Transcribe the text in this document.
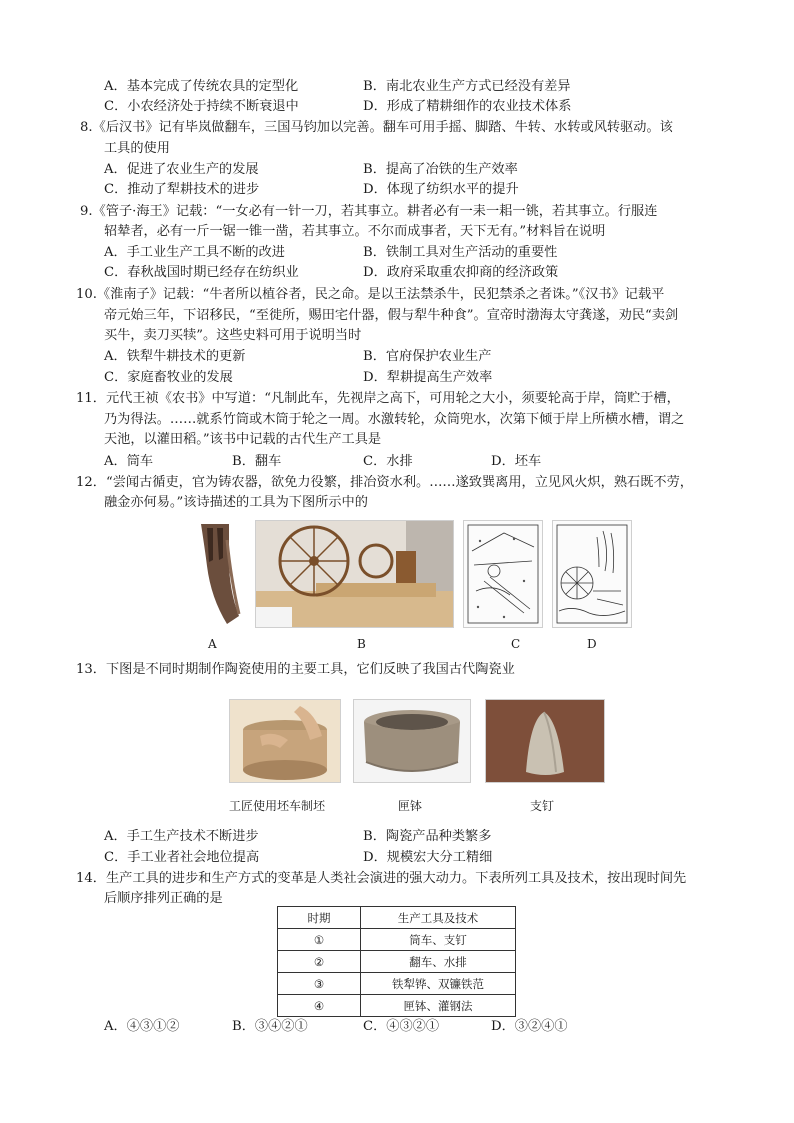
A．基本完成了传统农具的定型化	B．南北农业生产方式已经没有差异
C．小农经济处于持续不断衰退中	D．形成了精耕细作的农业技术体系
8.《后汉书》记有毕岚做翻车，三国马钧加以完善。翻车可用手摇、脚踏、牛转、水转或风转驱动。该
工具的使用
A．促进了农业生产的发展	B．提高了冶铁的生产效率
C．推动了犁耕技术的进步	D．体现了纺织水平的提升
9.《管子·海王》记载：“一女必有一针一刀，若其事立。耕者必有一耒一耜一铫，若其事立。行服连
轺辇者，必有一斤一锯一锥一凿，若其事立。不尔而成事者，天下无有。”材料旨在说明
A．手工业生产工具不断的改进	B．铁制工具对生产活动的重要性
C．春秋战国时期已经存在纺织业	D．政府采取重农抑商的经济政策
10.《淮南子》记载：“牛者所以植谷者，民之命。是以王法禁杀牛，民犯禁杀之者诛。”《汉书》记载平
帝元始三年，下诏移民，“至徙所，赐田宅什器，假与犁牛种食”。宣帝时渤海太守龚遂，劝民“卖剑
买牛，卖刀买犊”。这些史料可用于说明当时
A．铁犁牛耕技术的更新	B．官府保护农业生产
C．家庭畜牧业的发展	D．犁耕提高生产效率
11．元代王祯《农书》中写道：“凡制此车，先视岸之高下，可用轮之大小，须要轮高于岸，筒贮于槽，
乃为得法。……就系竹筒或木筒于轮之一周。水激转轮，众筒兜水，次第下倾于岸上所横水槽，谓之
天池，以灌田稻。”该书中记载的古代生产工具是
A．筒车	B．翻车	C．水排	D．坯车
12．“尝闻古循吏，官为铸农器，欲免力役繁，排冶资水利。……遂致巽离用，立见风火炽，熟石既不劳，
融金亦何易。”该诗描述的工具为下图所示中的
A	B	C	D
13．下图是不同时期制作陶瓷使用的主要工具，它们反映了我国古代陶瓷业
工匠使用坯车制坯	匣钵	支钉
A．手工生产技术不断进步	B．陶瓷产品种类繁多
C．手工业者社会地位提高	D．规模宏大分工精细
14．生产工具的进步和生产方式的变革是人类社会演进的强大动力。下表所列工具及技术，按出现时间先
后顺序排列正确的是
时期	生产工具及技术
①	筒车、支钉
②	翻车、水排
③	铁犁铧、双镰铁范
④	匣钵、灌钢法
A．④③①②	B．③④②①	C．④③②①	D．③②④①
